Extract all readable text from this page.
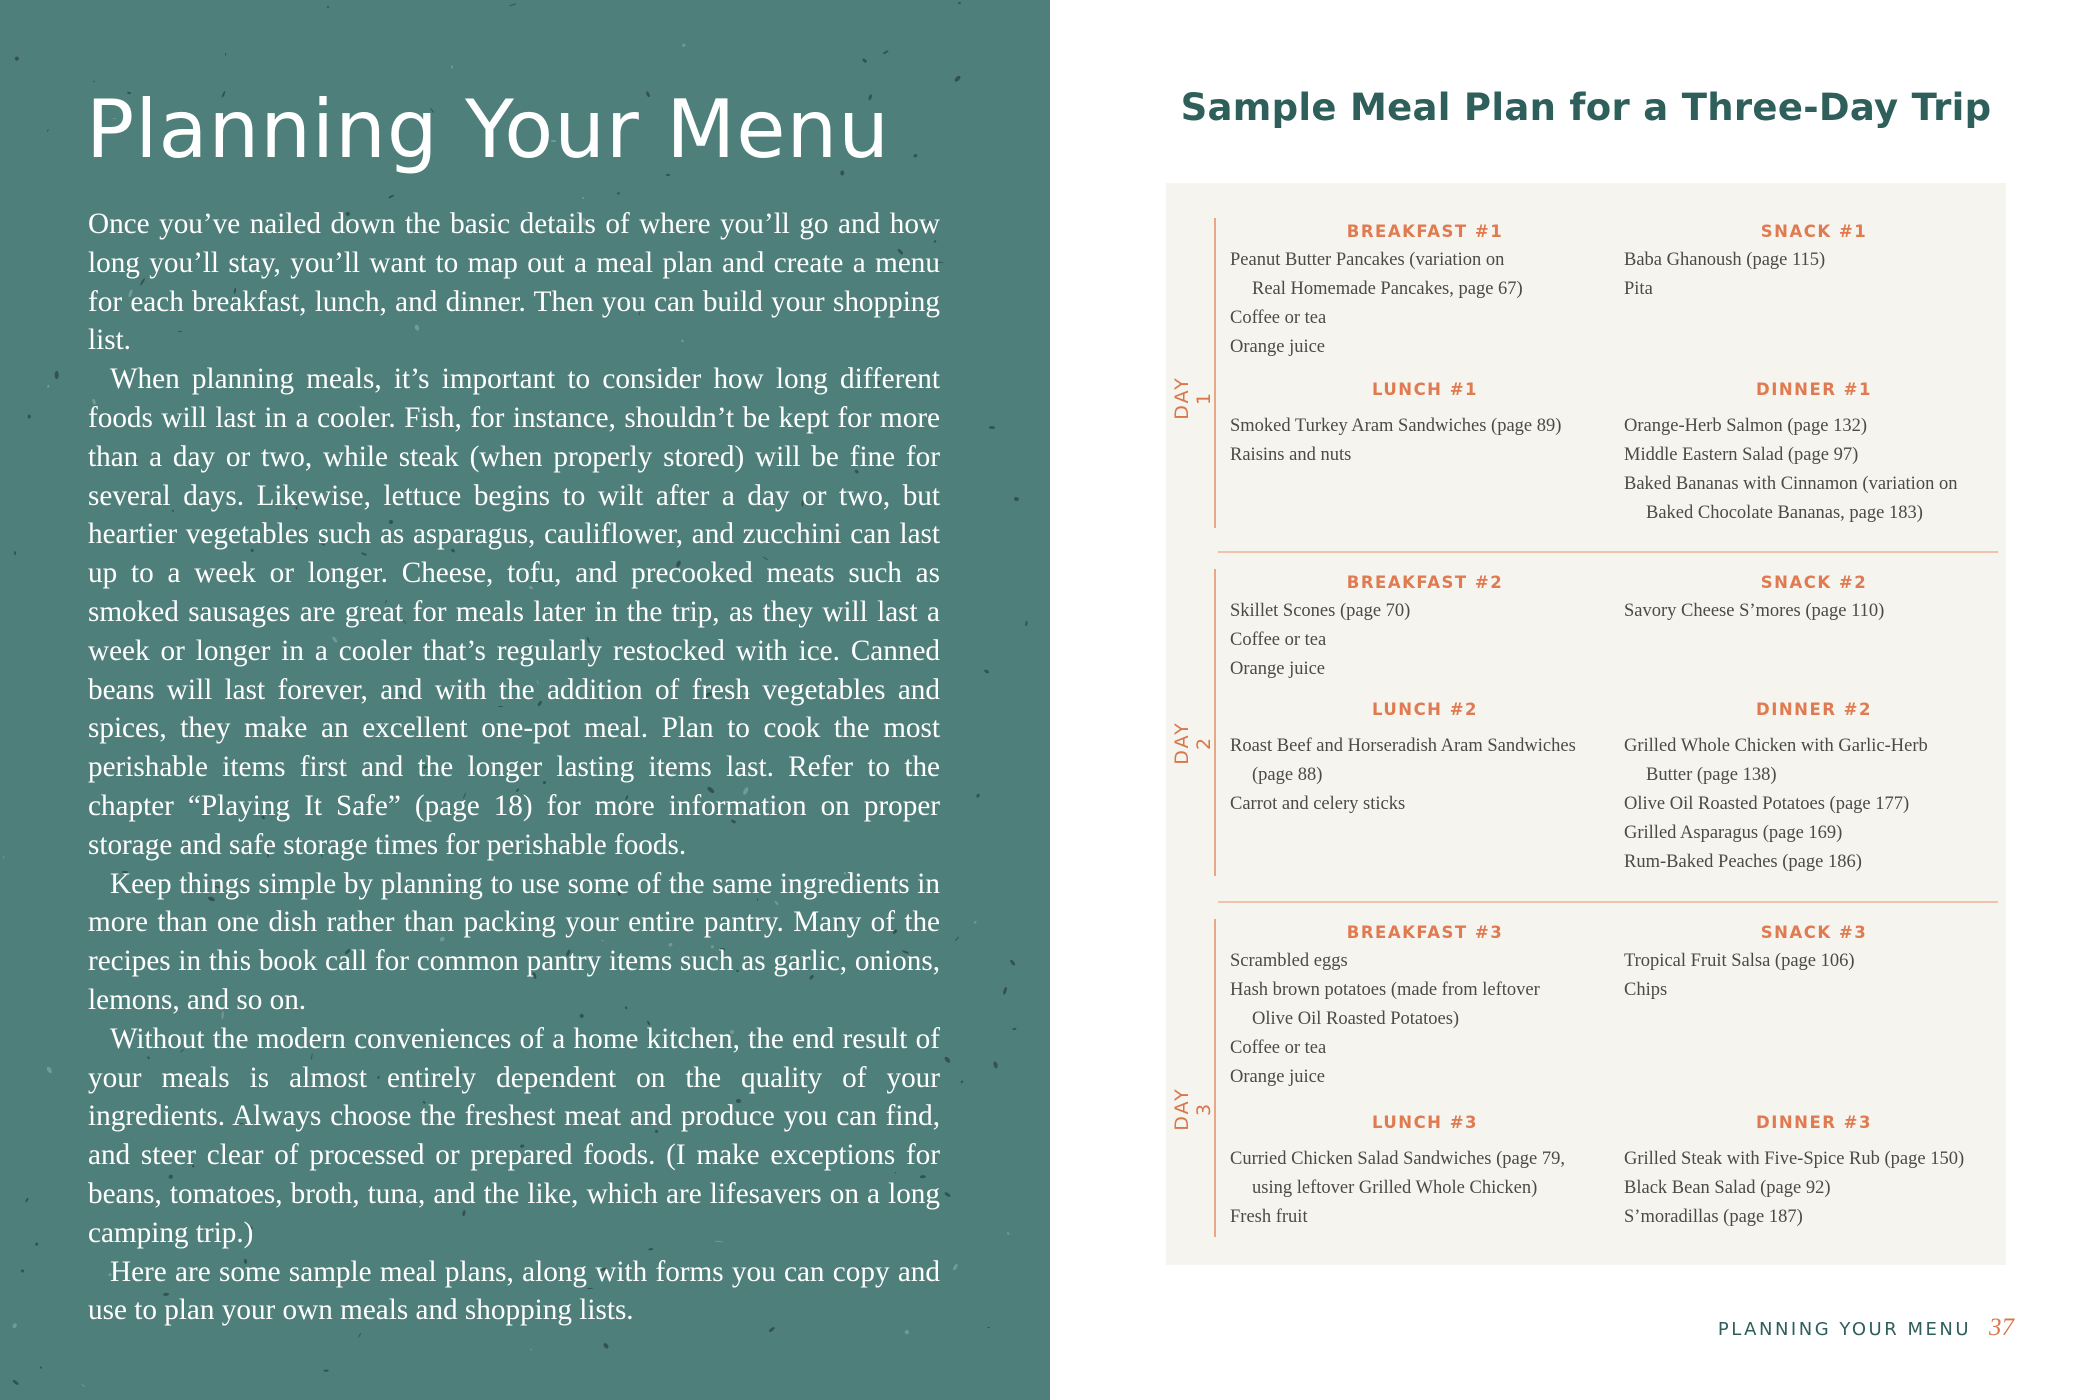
Planning Your Menu

Once you’ve nailed down the basic details of where you’ll go and how long you’ll stay, you’ll want to map out a meal plan and create a menu for each breakfast, lunch, and dinner. Then you can build your shopping list.

When planning meals, it’s important to consider how long different foods will last in a cooler. Fish, for instance, shouldn’t be kept for more than a day or two, while steak (when properly stored) will be fine for several days. Likewise, lettuce begins to wilt after a day or two, but heartier vegetables such as asparagus, cauliflower, and zucchini can last up to a week or longer. Cheese, tofu, and precooked meats such as smoked sausages are great for meals later in the trip, as they will last a week or longer in a cooler that’s regularly restocked with ice. Canned beans will last forever, and with the addition of fresh vegetables and spices, they make an excellent one-pot meal. Plan to cook the most perishable items first and the longer lasting items last. Refer to the chapter “Playing It Safe” (page 18) for more information on proper storage and safe storage times for perishable foods.

Keep things simple by planning to use some of the same ingredients in more than one dish rather than packing your entire pantry. Many of the recipes in this book call for common pantry items such as garlic, onions, lemons, and so on.

Without the modern conveniences of a home kitchen, the end result of your meals is almost entirely dependent on the quality of your ingredients. Always choose the freshest meat and produce you can find, and steer clear of processed or prepared foods. (I make exceptions for beans, tomatoes, broth, tuna, and the like, which are lifesavers on a long camping trip.)

Here are some sample meal plans, along with forms you can copy and use to plan your own meals and shopping lists.

Sample Meal Plan for a Three-Day Trip
DAY 1
BREAKFAST #1
Peanut Butter Pancakes (variation on
Real Homemade Pancakes, page 67)
Coffee or tea
Orange juice
SNACK #1
Baba Ghanoush (page 115)
Pita
LUNCH #1
Smoked Turkey Aram Sandwiches (page 89)
Raisins and nuts
DINNER #1
Orange-Herb Salmon (page 132)
Middle Eastern Salad (page 97)
Baked Bananas with Cinnamon (variation on
Baked Chocolate Bananas, page 183)
DAY 2
BREAKFAST #2
Skillet Scones (page 70)
Coffee or tea
Orange juice
SNACK #2
Savory Cheese S’mores (page 110)
LUNCH #2
Roast Beef and Horseradish Aram Sandwiches
(page 88)
Carrot and celery sticks
DINNER #2
Grilled Whole Chicken with Garlic-Herb
Butter (page 138)
Olive Oil Roasted Potatoes (page 177)
Grilled Asparagus (page 169)
Rum-Baked Peaches (page 186)
DAY 3
BREAKFAST #3
Scrambled eggs
Hash brown potatoes (made from leftover
Olive Oil Roasted Potatoes)
Coffee or tea
Orange juice
SNACK #3
Tropical Fruit Salsa (page 106)
Chips
LUNCH #3
Curried Chicken Salad Sandwiches (page 79,
using leftover Grilled Whole Chicken)
Fresh fruit
DINNER #3
Grilled Steak with Five-Spice Rub (page 150)
Black Bean Salad (page 92)
S’moradillas (page 187)
PLANNING YOUR MENU 37
